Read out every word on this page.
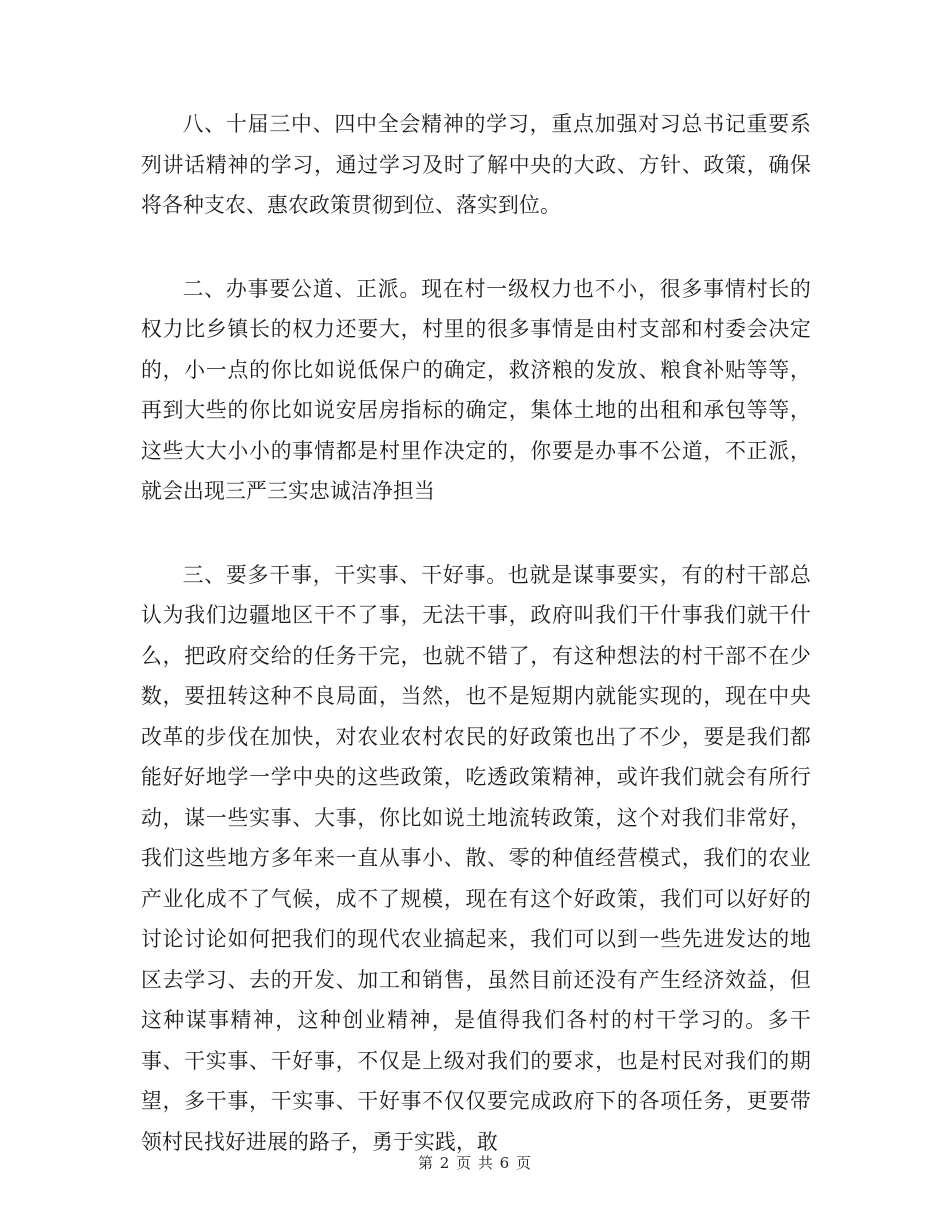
八、十届三中、四中全会精神的学习，重点加强对习总书记重要系列讲话精神的学习，通过学习及时了解中央的大政、方针、政策，确保将各种支农、惠农政策贯彻到位、落实到位。

二、办事要公道、正派。现在村一级权力也不小，很多事情村长的权力比乡镇长的权力还要大，村里的很多事情是由村支部和村委会决定的，小一点的你比如说低保户的确定，救济粮的发放、粮食补贴等等，再到大些的你比如说安居房指标的确定，集体土地的出租和承包等等，这些大大小小的事情都是村里作决定的，你要是办事不公道，不正派，就会出现三严三实忠诚洁净担当

三、要多干事，干实事、干好事。也就是谋事要实，有的村干部总认为我们边疆地区干不了事，无法干事，政府叫我们干什事我们就干什么，把政府交给的任务干完，也就不错了，有这种想法的村干部不在少数，要扭转这种不良局面，当然，也不是短期内就能实现的，现在中央改革的步伐在加快，对农业农村农民的好政策也出了不少，要是我们都能好好地学一学中央的这些政策，吃透政策精神，或许我们就会有所行动，谋一些实事、大事，你比如说土地流转政策，这个对我们非常好，我们这些地方多年来一直从事小、散、零的种值经营模式，我们的农业产业化成不了气候，成不了规模，现在有这个好政策，我们可以好好的讨论讨论如何把我们的现代农业搞起来，我们可以到一些先进发达的地区去学习、去的开发、加工和销售，虽然目前还没有产生经济效益，但这种谋事精神，这种创业精神，是值得我们各村的村干学习的。多干事、干实事、干好事，不仅是上级对我们的要求，也是村民对我们的期望，多干事，干实事、干好事不仅仅要完成政府下的各项任务，更要带领村民找好进展的路子，勇于实践，敢

第 2 页 共 6 页
